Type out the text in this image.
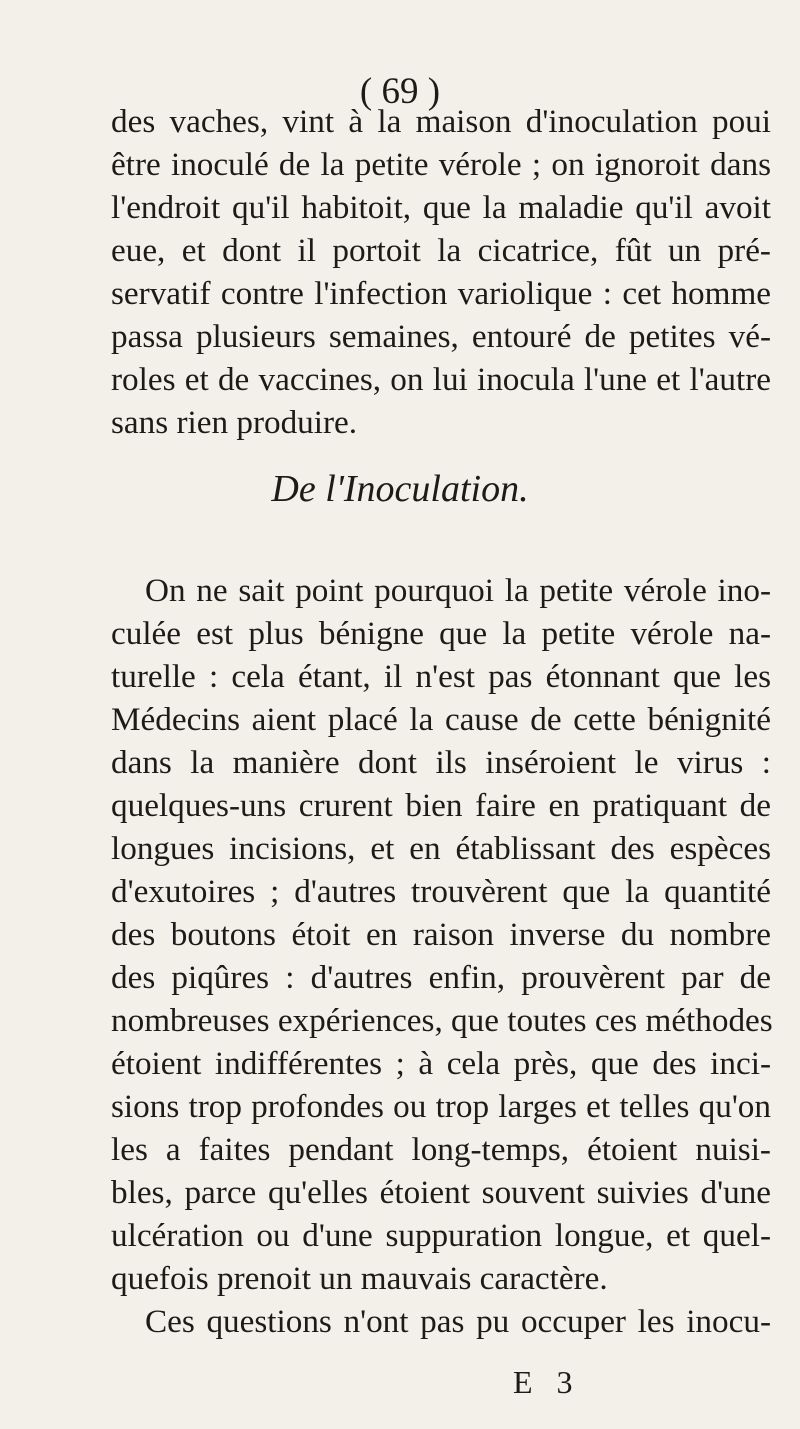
( 69 )
des vaches, vint à la maison d'inoculation poui
être inoculé de la petite vérole ; on ignoroit dans
l'endroit qu'il habitoit, que la maladie qu'il avoit
eue, et dont il portoit la cicatrice, fût un pré-
servatif contre l'infection variolique : cet homme
passa plusieurs semaines, entouré de petites vé-
roles et de vaccines, on lui inocula l'une et l'autre
sans rien produire.
De l'Inoculation.
On ne sait point pourquoi la petite vérole ino-
culée est plus bénigne que la petite vérole na-
turelle : cela étant, il n'est pas étonnant que les
Médecins aient placé la cause de cette bénignité
dans la manière dont ils inséroient le virus :
quelques-uns crurent bien faire en pratiquant de
longues incisions, et en établissant des espèces
d'exutoires ; d'autres trouvèrent que la quantité
des boutons étoit en raison inverse du nombre
des piqûres : d'autres enfin, prouvèrent par de
nombreuses expériences, que toutes ces méthodes
étoient indifférentes ; à cela près, que des inci-
sions trop profondes ou trop larges et telles qu'on
les a faites pendant long-temps, étoient nuisi-
bles, parce qu'elles étoient souvent suivies d'une
ulcération ou d'une suppuration longue, et quel-
quefois prenoit un mauvais caractère.
Ces questions n'ont pas pu occuper les inocu-
E 3
